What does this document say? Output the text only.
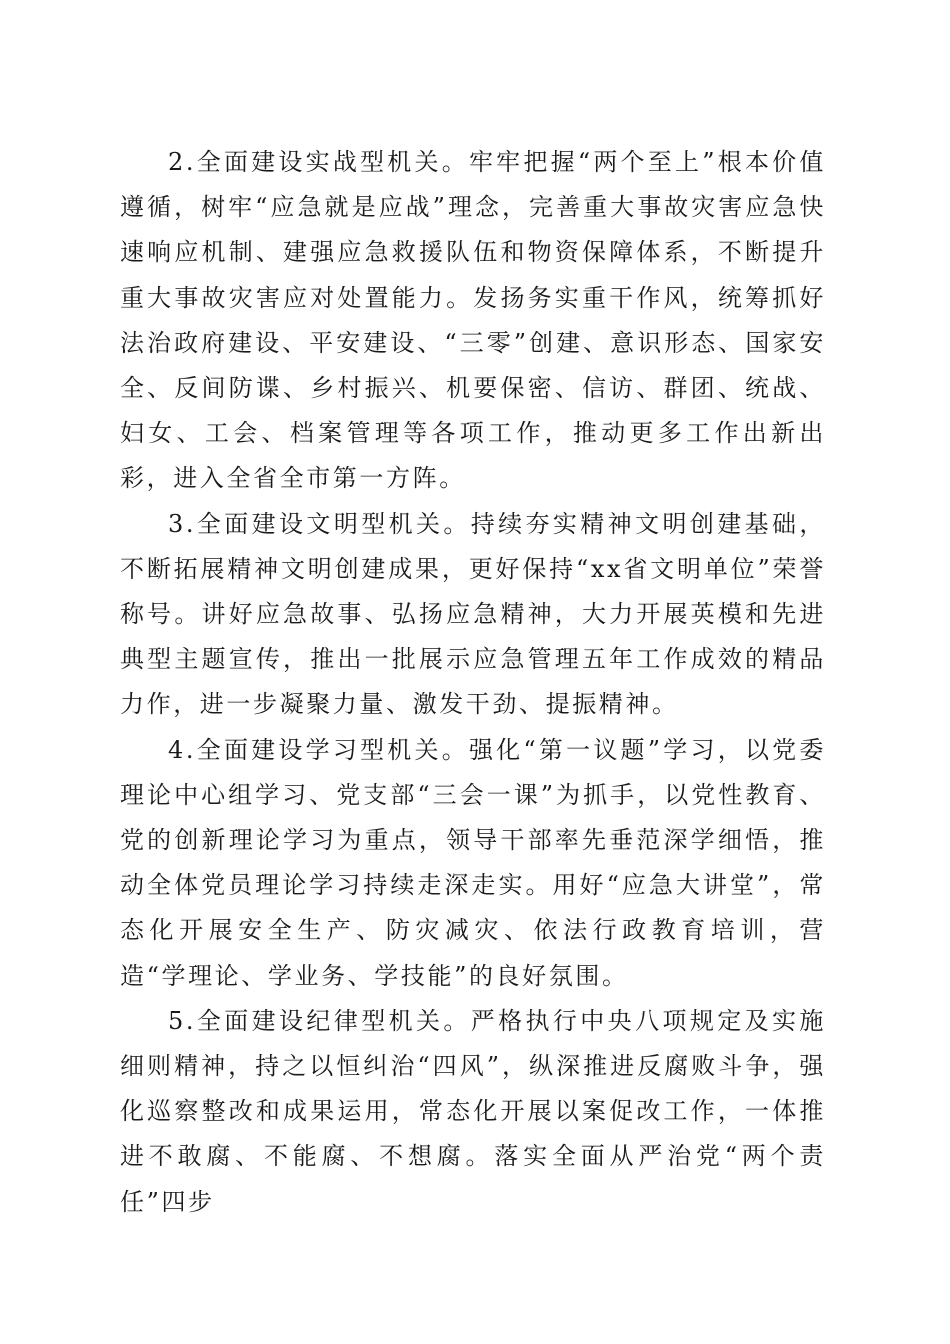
2.全面建设实战型机关。牢牢把握“两个至上”根本价值遵循，树牢“应急就是应战”理念，完善重大事故灾害应急快速响应机制、建强应急救援队伍和物资保障体系，不断提升重大事故灾害应对处置能力。发扬务实重干作风，统筹抓好法治政府建设、平安建设、“三零”创建、意识形态、国家安全、反间防谍、乡村振兴、机要保密、信访、群团、统战、妇女、工会、档案管理等各项工作，推动更多工作出新出彩，进入全省全市第一方阵。

3.全面建设文明型机关。持续夯实精神文明创建基础，不断拓展精神文明创建成果，更好保持“xx省文明单位”荣誉称号。讲好应急故事、弘扬应急精神，大力开展英模和先进典型主题宣传，推出一批展示应急管理五年工作成效的精品力作，进一步凝聚力量、激发干劲、提振精神。

4.全面建设学习型机关。强化“第一议题”学习，以党委理论中心组学习、党支部“三会一课”为抓手，以党性教育、党的创新理论学习为重点，领导干部率先垂范深学细悟，推动全体党员理论学习持续走深走实。用好“应急大讲堂”，常态化开展安全生产、防灾减灾、依法行政教育培训，营造“学理论、学业务、学技能”的良好氛围。

5.全面建设纪律型机关。严格执行中央八项规定及实施细则精神，持之以恒纠治“四风”，纵深推进反腐败斗争，强化巡察整改和成果运用，常态化开展以案促改工作，一体推进不敢腐、不能腐、不想腐。落实全面从严治党“两个责任”四步
